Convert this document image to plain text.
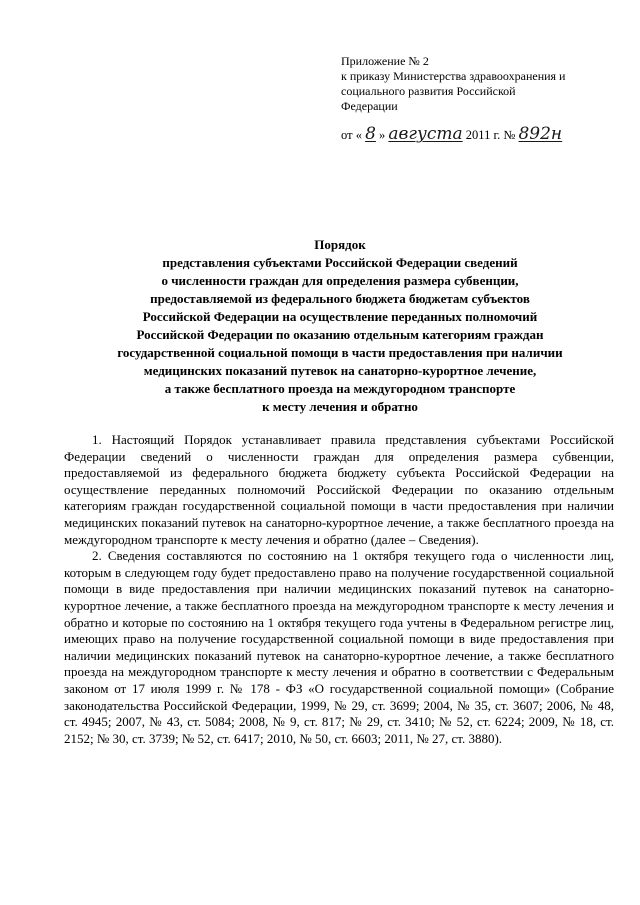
Приложение № 2
к приказу Министерства здравоохранения и
социального развития Российской
Федерации
от « 8 » августа 2011 г. № 892н
Порядок
представления субъектами Российской Федерации сведений
о численности граждан для определения размера субвенции,
предоставляемой из федерального бюджета бюджетам субъектов
Российской Федерации на осуществление переданных полномочий
Российской Федерации по оказанию отдельным категориям граждан
государственной социальной помощи в части предоставления при наличии
медицинских показаний путевок на санаторно-курортное лечение,
а также бесплатного проезда на междугородном транспорте
к месту лечения и обратно

1. Настоящий Порядок устанавливает правила представления субъектами Российской Федерации сведений о численности граждан для определения размера субвенции, предоставляемой из федерального бюджета бюджету субъекта Российской Федерации на осуществление переданных полномочий Российской Федерации по оказанию отдельным категориям граждан государственной социальной помощи в части предоставления при наличии медицинских показаний путевок на санаторно-курортное лечение, а также бесплатного проезда на междугородном транспорте к месту лечения и обратно (далее – Сведения).

2. Сведения составляются по состоянию на 1 октября текущего года о численности лиц, которым в следующем году будет предоставлено право на получение государственной социальной помощи в виде предоставления при наличии медицинских показаний путевок на санаторно-курортное лечение, а также бесплатного проезда на междугородном транспорте к месту лечения и обратно и которые по состоянию на 1 октября текущего года учтены в Федеральном регистре лиц, имеющих право на получение государственной социальной помощи в виде предоставления при наличии медицинских показаний путевок на санаторно-курортное лечение, а также бесплатного проезда на междугородном транспорте к месту лечения и обратно в соответствии с Федеральным законом от 17 июля 1999 г. № 178 - ФЗ «О государственной социальной помощи» (Собрание законодательства Российской Федерации, 1999, № 29, ст. 3699; 2004, № 35, ст. 3607; 2006, № 48, ст. 4945; 2007, № 43, ст. 5084; 2008, № 9, ст. 817; № 29, ст. 3410; № 52, ст. 6224; 2009, № 18, ст. 2152; № 30, ст. 3739; № 52, ст. 6417; 2010, № 50, ст. 6603; 2011, № 27, ст. 3880).
